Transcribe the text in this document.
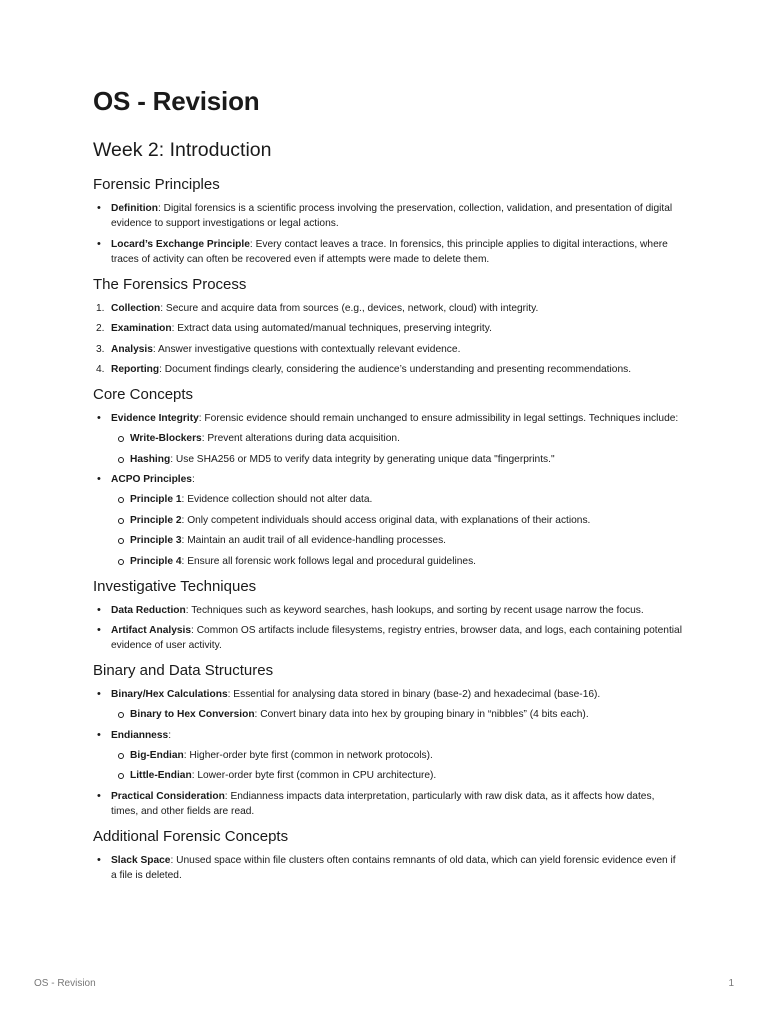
OS - Revision
Week 2: Introduction
Forensic Principles
• Definition: Digital forensics is a scientific process involving the preservation, collection, validation, and presentation of digital evidence to support investigations or legal actions.
• Locard’s Exchange Principle: Every contact leaves a trace. In forensics, this principle applies to digital interactions, where traces of activity can often be recovered even if attempts were made to delete them.
The Forensics Process
1. Collection: Secure and acquire data from sources (e.g., devices, network, cloud) with integrity.
2. Examination: Extract data using automated/manual techniques, preserving integrity.
3. Analysis: Answer investigative questions with contextually relevant evidence.
4. Reporting: Document findings clearly, considering the audience’s understanding and presenting recommendations.
Core Concepts
• Evidence Integrity: Forensic evidence should remain unchanged to ensure admissibility in legal settings. Techniques include:
Write-Blockers: Prevent alterations during data acquisition.
Hashing: Use SHA256 or MD5 to verify data integrity by generating unique data "fingerprints."
• ACPO Principles:
Principle 1: Evidence collection should not alter data.
Principle 2: Only competent individuals should access original data, with explanations of their actions.
Principle 3: Maintain an audit trail of all evidence-handling processes.
Principle 4: Ensure all forensic work follows legal and procedural guidelines.
Investigative Techniques
• Data Reduction: Techniques such as keyword searches, hash lookups, and sorting by recent usage narrow the focus.
• Artifact Analysis: Common OS artifacts include filesystems, registry entries, browser data, and logs, each containing potential evidence of user activity.
Binary and Data Structures
• Binary/Hex Calculations: Essential for analysing data stored in binary (base-2) and hexadecimal (base-16).
Binary to Hex Conversion: Convert binary data into hex by grouping binary in “nibbles” (4 bits each).
• Endianness:
Big-Endian: Higher-order byte first (common in network protocols).
Little-Endian: Lower-order byte first (common in CPU architecture).
• Practical Consideration: Endianness impacts data interpretation, particularly with raw disk data, as it affects how dates, times, and other fields are read.
Additional Forensic Concepts
• Slack Space: Unused space within file clusters often contains remnants of old data, which can yield forensic evidence even if a file is deleted.
OS - Revision	1
